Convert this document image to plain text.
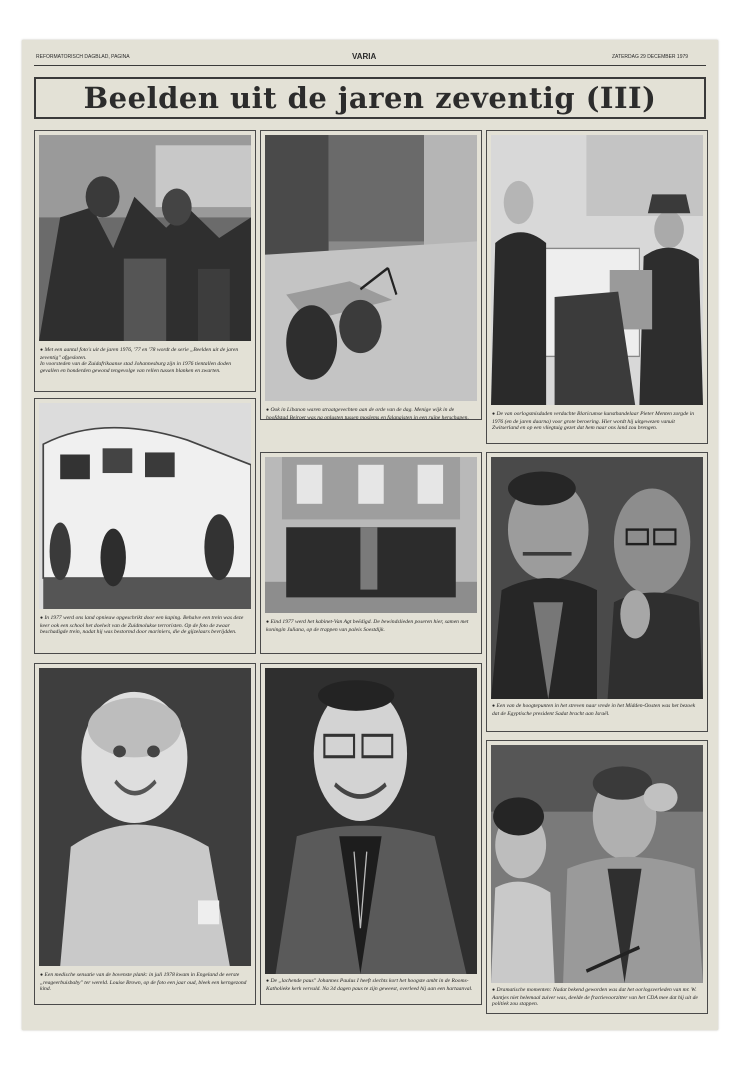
REFORMATORISCH DAGBLAD, PAGINA	VARIA	ZATERDAG 29 DECEMBER 1979
Beelden uit de jaren zeventig (III)

● Met een aantal foto's uit de jaren 1976, '77 en '78 wordt de serie „Beelden uit de jaren zeventig" afgesloten.
In voorsteden van de Zuidafrikaanse stad Johannesburg zijn in 1976 tientallen doden gevallen en honderden gewond tengevolge van rellen tussen blanken en zwarten.

● In 1977 werd ons land opnieuw opgeschrikt door een kaping. Behalve een trein was deze keer ook een school het doelwit van de Zuidmolukse terroristen. Op de foto de zwaar beschadigde trein, nadat hij was bestormd door mariniers, die de gijzelaars bevrijdden.

● Een medische sensatie van de bovenste plank: in juli 1978 kwam in Engeland de eerste „reageerbuisbaby" ter wereld. Louise Brown, op de foto een jaar oud, bleek een kerngezond kind.

● Ook in Libanon waren straatgevechten aan de orde van de dag. Menige wijk in de hoofdstad Beiroet was na onlusten tussen moslems en falangisten in een ruïne herschapen.

● Eind 1977 werd het kabinet-Van Agt beëdigd. De bewindslieden poseren hier, samen met koningin Juliana, op de trappen van paleis Soestdijk.

● De „lachende paus" Johannes Paulus I heeft slechts kort het hoogste ambt in de Rooms-Katholieke kerk vervuld. Na 34 dagen paus te zijn geweest, overleed hij aan een hartaanval.

● De van oorlogsmisdaden verdachte Blaricumse kunsthandelaar Pieter Menten zorgde in 1976 (en de jaren daarna) voor grote beroering. Hier wordt hij uitgewezen vanuit Zwitserland en op een vliegtuig gezet dat hem naar ons land zou brengen.

● Een van de hoogtepunten in het streven naar vrede in het Midden-Oosten was het bezoek dat de Egyptische president Sadat bracht aan Israël.

● Dramatische momenten: Nadat bekend geworden was dat het oorlogsverleden van mr. W. Aantjes niet helemaal zuiver was, deelde de fractievoorzitter van het CDA mee dat hij uit de politiek zou stappen.
